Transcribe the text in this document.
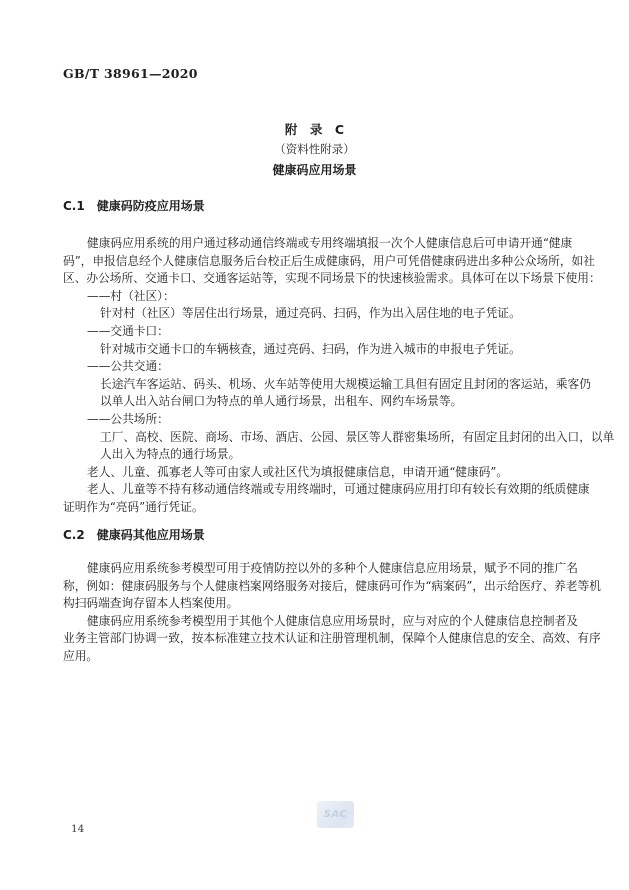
GB/T 38961—2020
附　录　C
（资料性附录）
健康码应用场景
C.1　健康码防疫应用场景
健康码应用系统的用户通过移动通信终端或专用终端填报一次个人健康信息后可申请开通“健康
码”，申报信息经个人健康信息服务后台校正后生成健康码，用户可凭借健康码进出多种公众场所，如社
区、办公场所、交通卡口、交通客运站等，实现不同场景下的快速核验需求。具体可在以下场景下使用：
——村（社区）：
针对村（社区）等居住出行场景，通过亮码、扫码，作为出入居住地的电子凭证。
——交通卡口：
针对城市交通卡口的车辆核查，通过亮码、扫码，作为进入城市的申报电子凭证。
——公共交通：
长途汽车客运站、码头、机场、火车站等使用大规模运输工具但有固定且封闭的客运站，乘客仍
以单人出入站台闸口为特点的单人通行场景，出租车、网约车场景等。
——公共场所：
工厂、高校、医院、商场、市场、酒店、公园、景区等人群密集场所，有固定且封闭的出入口，以单
人出入为特点的通行场景。
老人、儿童、孤寡老人等可由家人或社区代为填报健康信息，申请开通“健康码”。
老人、儿童等不持有移动通信终端或专用终端时，可通过健康码应用打印有较长有效期的纸质健康
证明作为“亮码”通行凭证。
C.2　健康码其他应用场景
健康码应用系统参考模型可用于疫情防控以外的多种个人健康信息应用场景，赋予不同的推广名
称，例如：健康码服务与个人健康档案网络服务对接后，健康码可作为“病案码”，出示给医疗、养老等机
构扫码端查询存留本人档案使用。
健康码应用系统参考模型用于其他个人健康信息应用场景时，应与对应的个人健康信息控制者及
业务主管部门协调一致，按本标准建立技术认证和注册管理机制，保障个人健康信息的安全、高效、有序
应用。
SAC
14
